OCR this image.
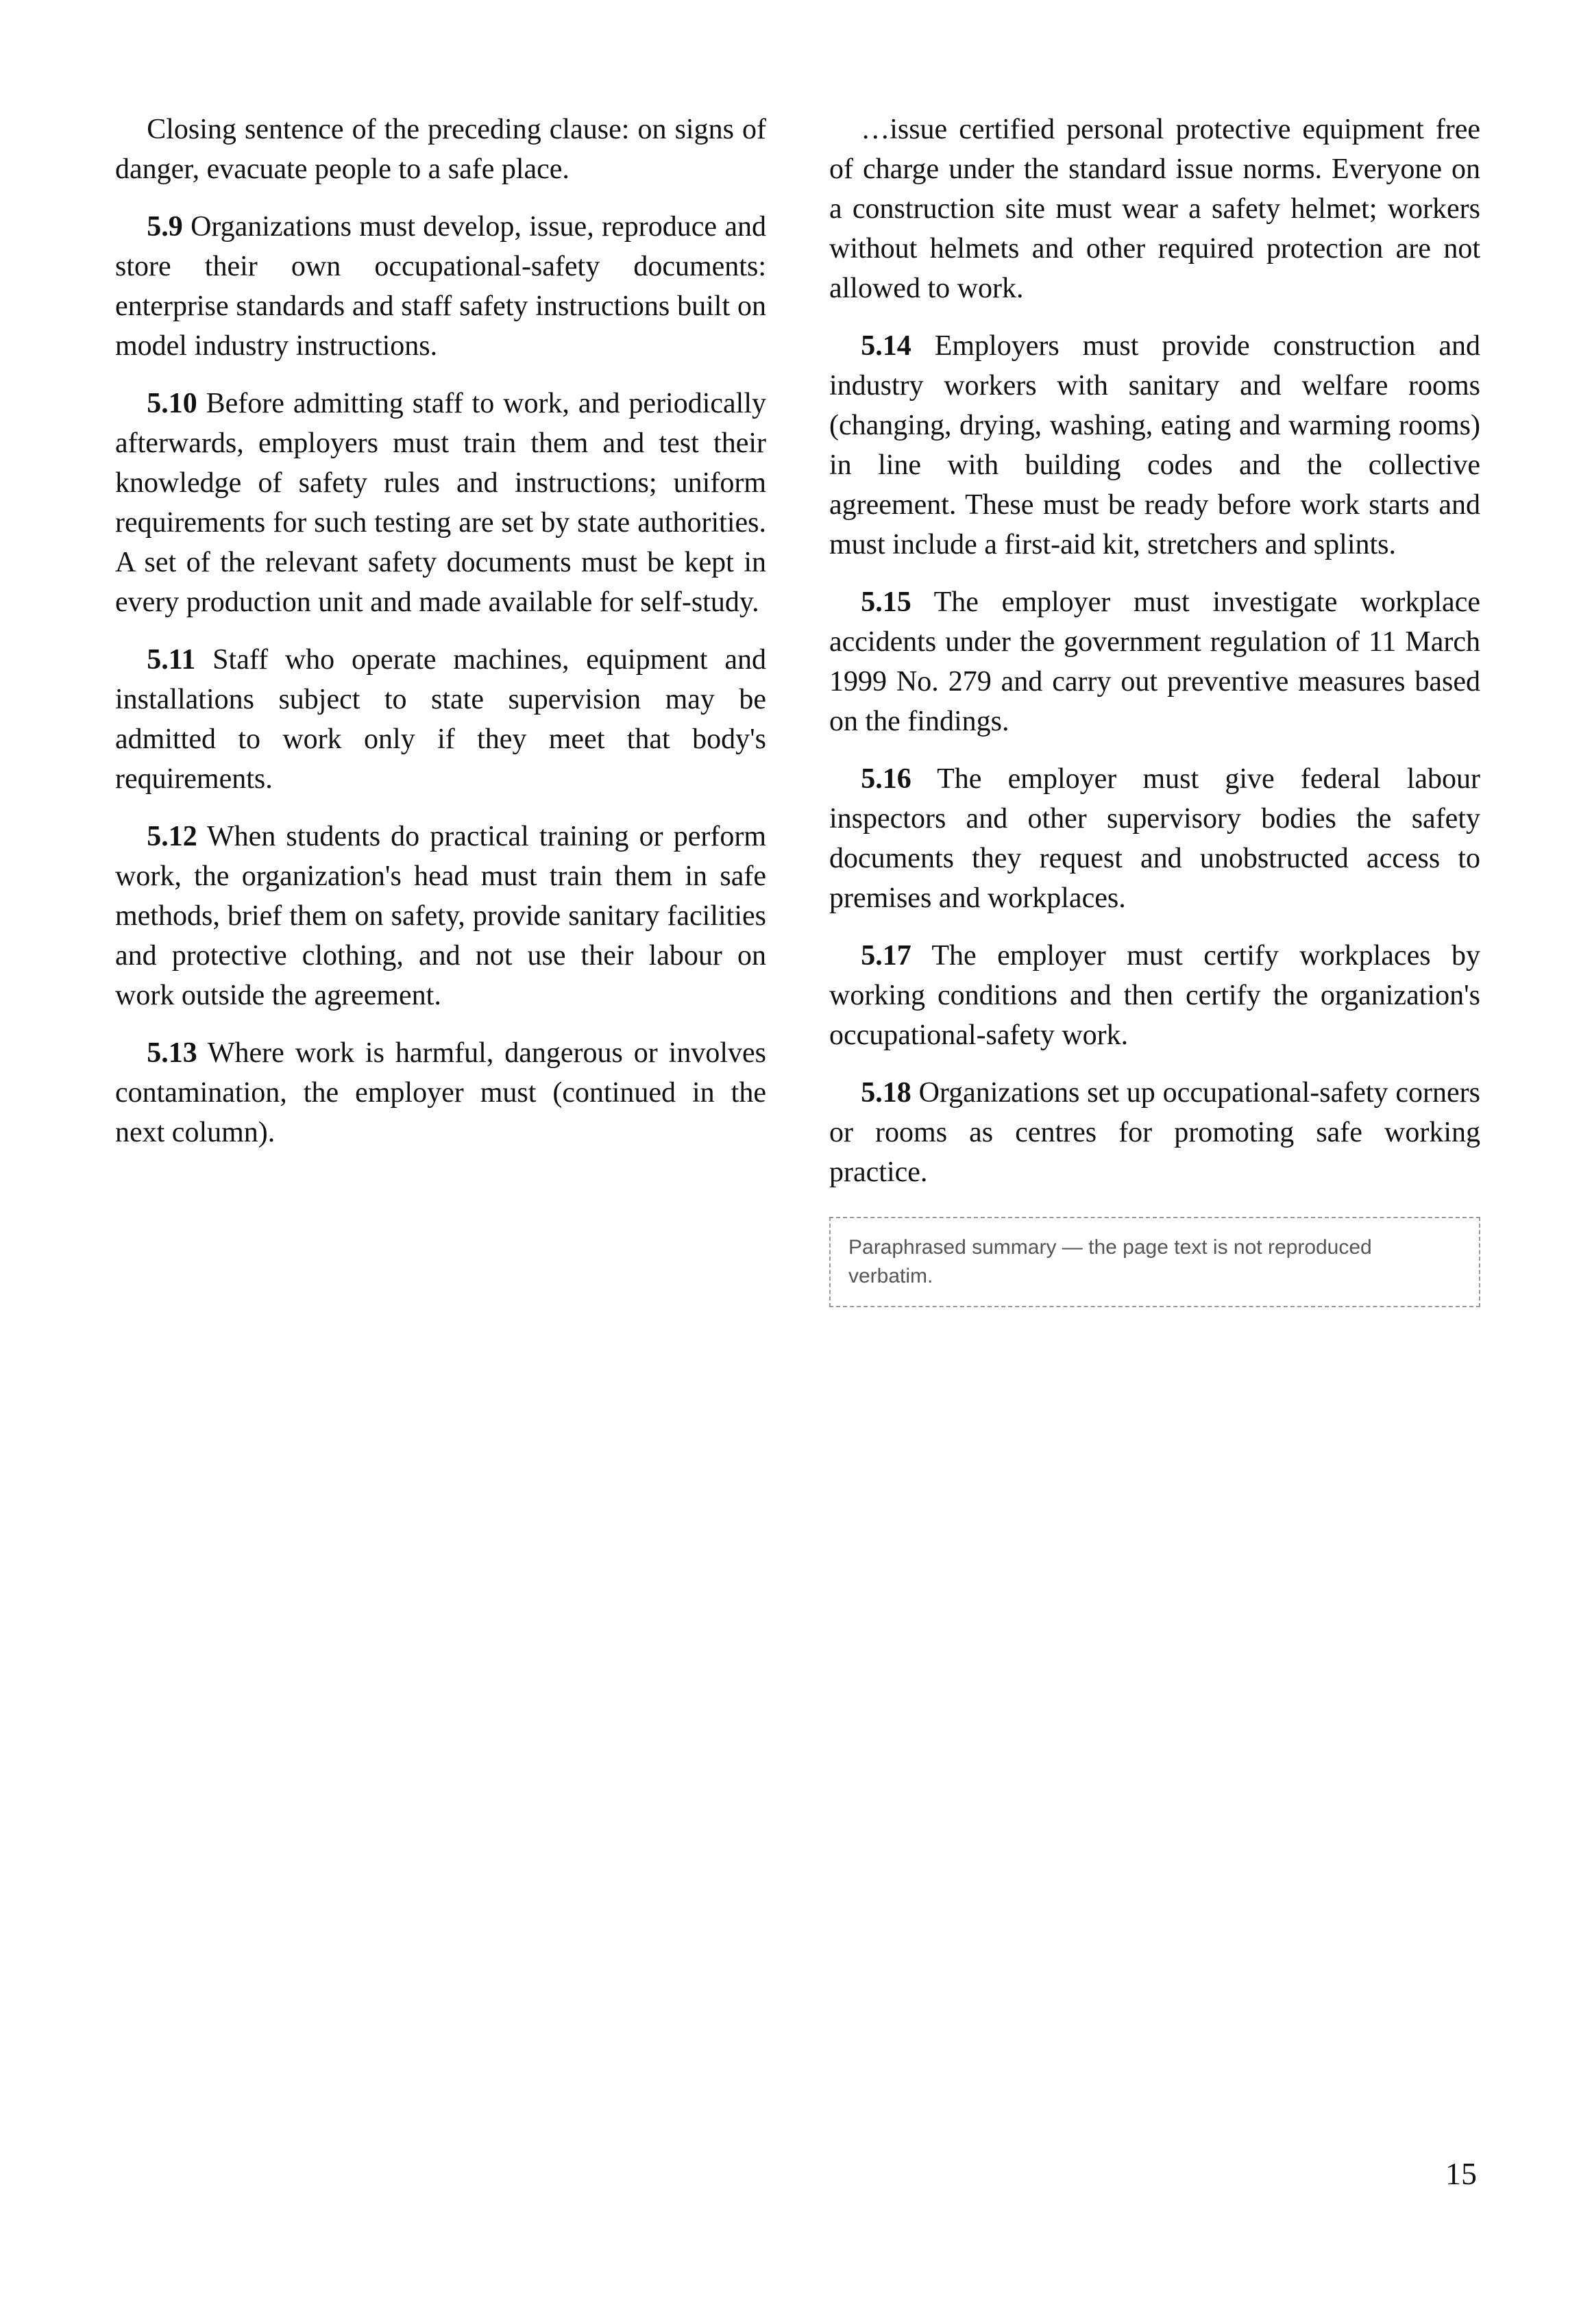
Closing sentence of the preceding clause: on signs of danger, evacuate people to a safe place.

5.9 Organizations must develop, issue, reproduce and store their own occupational-safety documents: enterprise standards and staff safety instructions built on model industry instructions.

5.10 Before admitting staff to work, and periodically afterwards, employers must train them and test their knowledge of safety rules and instructions; uniform requirements for such testing are set by state authorities. A set of the relevant safety documents must be kept in every production unit and made available for self-study.

5.11 Staff who operate machines, equipment and installations subject to state supervision may be admitted to work only if they meet that body's requirements.

5.12 When students do practical training or perform work, the organization's head must train them in safe methods, brief them on safety, provide sanitary facilities and protective clothing, and not use their labour on work outside the agreement.

5.13 Where work is harmful, dangerous or involves contamination, the employer must (continued in the next column).

…issue certified personal protective equipment free of charge under the standard issue norms. Everyone on a construction site must wear a safety helmet; workers without helmets and other required protection are not allowed to work.

5.14 Employers must provide construction and industry workers with sanitary and welfare rooms (changing, drying, washing, eating and warming rooms) in line with building codes and the collective agreement. These must be ready before work starts and must include a first-aid kit, stretchers and splints.

5.15 The employer must investigate workplace accidents under the government regulation of 11 March 1999 No. 279 and carry out preventive measures based on the findings.

5.16 The employer must give federal labour inspectors and other supervisory bodies the safety documents they request and unobstructed access to premises and workplaces.

5.17 The employer must certify workplaces by working conditions and then certify the organization's occupational-safety work.

5.18 Organizations set up occupational-safety corners or rooms as centres for promoting safe working practice.

Paraphrased summary — the page text is not reproduced verbatim.
15
